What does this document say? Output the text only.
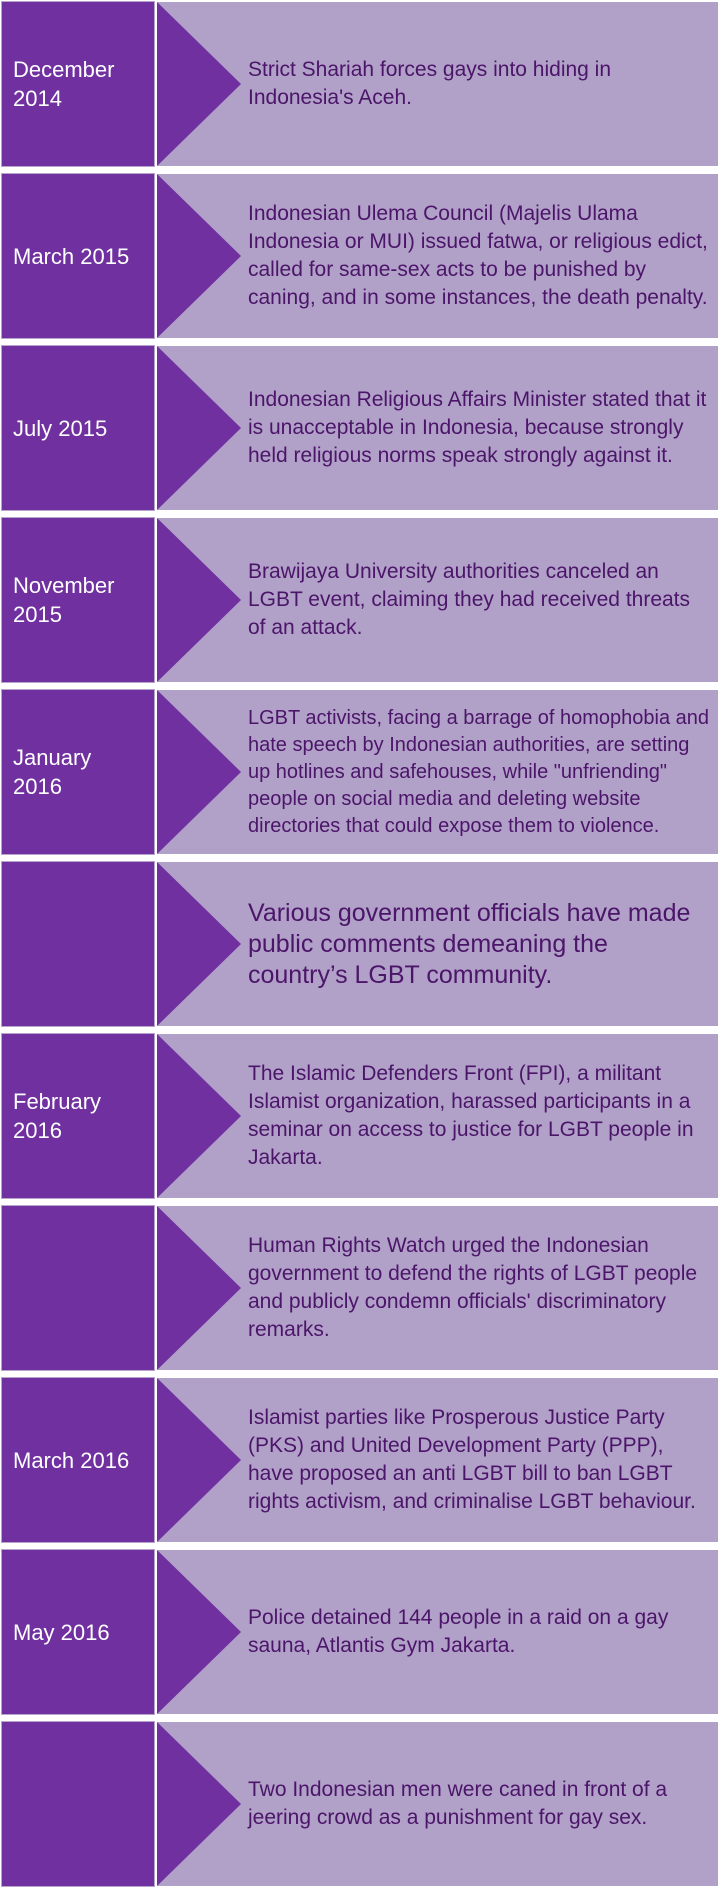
December 2014
Strict Shariah forces gays into hiding in Indonesia's Aceh.
March 2015
Indonesian Ulema Council (Majelis Ulama Indonesia or MUI) issued fatwa, or religious edict, called for same-sex acts to be punished by caning, and in some instances, the death penalty.
July 2015
Indonesian Religious Affairs Minister stated that it is unacceptable in Indonesia, because strongly held religious norms speak strongly against it.
November 2015
Brawijaya University authorities canceled an LGBT event, claiming they had received threats of an attack.
January 2016
LGBT activists, facing a barrage of homophobia and hate speech by Indonesian authorities, are setting up hotlines and safehouses, while "unfriending" people on social media and deleting website directories that could expose them to violence.
Various government officials have made public comments demeaning the country’s LGBT community.
February 2016
The Islamic Defenders Front (FPI), a militant Islamist organization, harassed participants in a seminar on access to justice for LGBT people in Jakarta.
Human Rights Watch urged the Indonesian government to defend the rights of LGBT people and publicly condemn officials' discriminatory remarks.
March 2016
Islamist parties like Prosperous Justice Party (PKS) and United Development Party (PPP), have proposed an anti LGBT bill to ban LGBT rights activism, and criminalise LGBT behaviour.
May 2016
Police detained 144 people in a raid on a gay sauna, Atlantis Gym Jakarta.
Two Indonesian men were caned in front of a jeering crowd as a punishment for gay sex.
